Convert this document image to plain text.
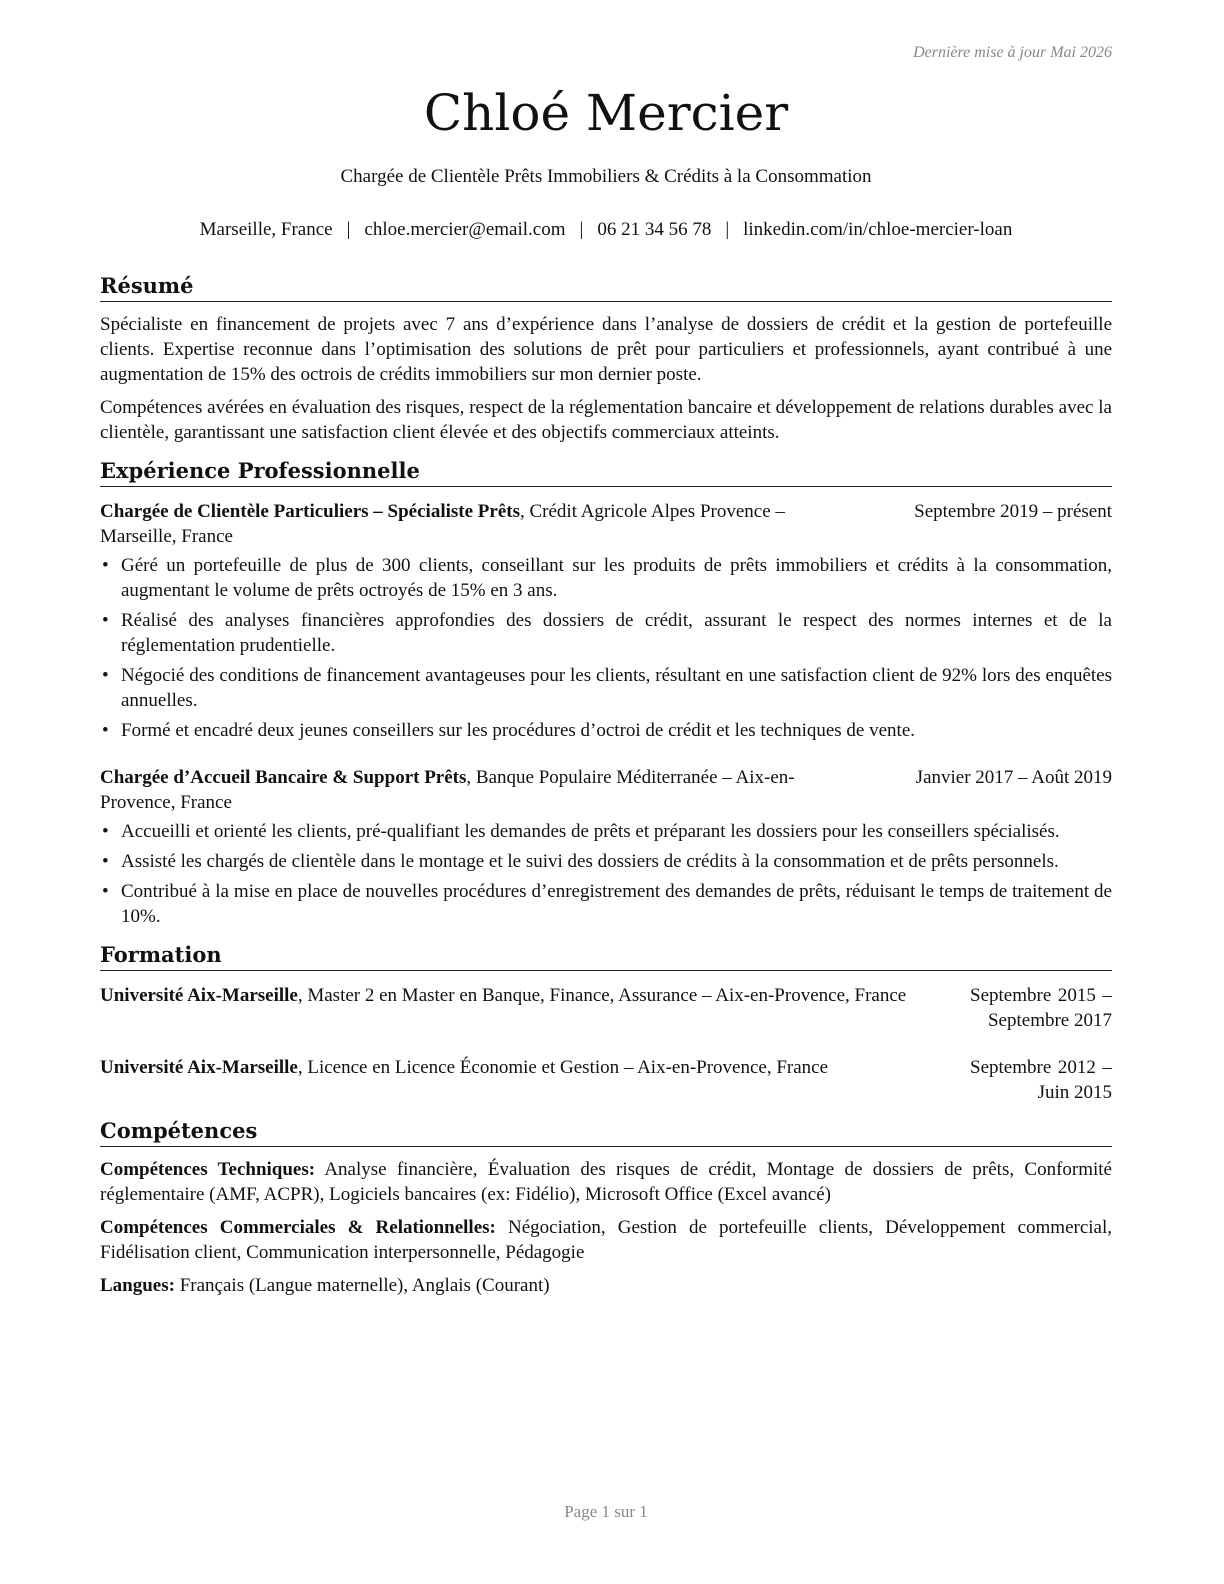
Dernière mise à jour Mai 2026
Chloé Mercier
Chargée de Clientèle Prêts Immobiliers & Crédits à la Consommation
Marseille, France | chloe.mercier@email.com | 06 21 34 56 78 | linkedin.com/in/chloe-mercier-loan
Résumé

Spécialiste en financement de projets avec 7 ans d’expérience dans l’analyse de dossiers de crédit et la gestion de portefeuille clients. Expertise reconnue dans l’optimisation des solutions de prêt pour particuliers et professionnels, ayant contribué à une augmentation de 15% des octrois de crédits immobiliers sur mon dernier poste.

Compétences avérées en évaluation des risques, respect de la réglementation bancaire et développement de relations durables avec la clientèle, garantissant une satisfaction client élevée et des objectifs commerciaux atteints.

Expérience Professionnelle
Chargée de Clientèle Particuliers – Spécialiste Prêts, Crédit Agricole Alpes Provence –
Marseille, France
Septembre 2019 – présent
• Géré un portefeuille de plus de 300 clients, conseillant sur les produits de prêts immobiliers et crédits à la consommation, augmentant le volume de prêts octroyés de 15% en 3 ans.
• Réalisé des analyses financières approfondies des dossiers de crédit, assurant le respect des normes internes et de la réglementation prudentielle.
• Négocié des conditions de financement avantageuses pour les clients, résultant en une satisfaction client de 92% lors des enquêtes annuelles.
• Formé et encadré deux jeunes conseillers sur les procédures d’octroi de crédit et les techniques de vente.
Chargée d’Accueil Bancaire & Support Prêts, Banque Populaire Méditerranée – Aix-en-
Provence, France
Janvier 2017 – Août 2019
• Accueilli et orienté les clients, pré-qualifiant les demandes de prêts et préparant les dossiers pour les conseillers spécialisés.
• Assisté les chargés de clientèle dans le montage et le suivi des dossiers de crédits à la consommation et de prêts personnels.
• Contribué à la mise en place de nouvelles procédures d’enregistrement des demandes de prêts, réduisant le temps de traitement de 10%.
Formation
Université Aix-Marseille, Master 2 en Master en Banque, Finance, Assurance – Aix-en-Provence, France	Septembre 2015 – Septembre 2017
Université Aix-Marseille, Licence en Licence Économie et Gestion – Aix-en-Provence, France	Septembre 2012 – Juin 2015
Compétences

Compétences Techniques: Analyse financière, Évaluation des risques de crédit, Montage de dossiers de prêts, Conformité réglementaire (AMF, ACPR), Logiciels bancaires (ex: Fidélio), Microsoft Office (Excel avancé)

Compétences Commerciales & Relationnelles: Négociation, Gestion de portefeuille clients, Développement commercial, Fidélisation client, Communication interpersonnelle, Pédagogie

Langues: Français (Langue maternelle), Anglais (Courant)

Page 1 sur 1
